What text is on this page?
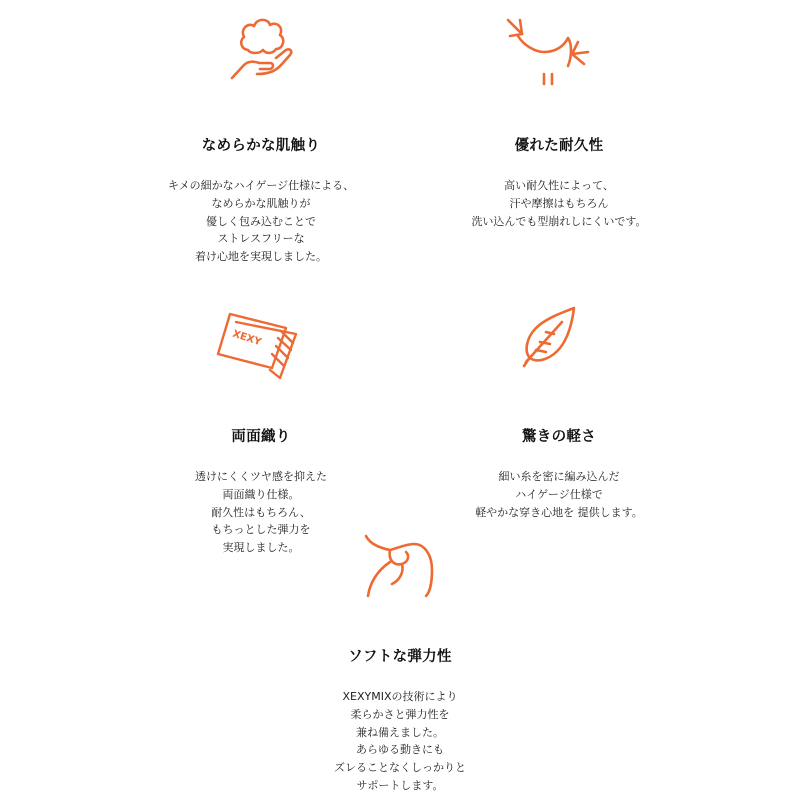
XEXY
なめらかな肌触り
キメの細かなハイゲージ仕様による、
なめらかな肌触りが
優しく包み込むことで
ストレスフリーな
着け心地を実現しました。
優れた耐久性
高い耐久性によって、
汗や摩擦はもちろん
洗い込んでも型崩れしにくいです。
両面織り
透けにくくツヤ感を抑えた
両面織り仕様。
耐久性はもちろん、
もちっとした弾力を
実現しました。
驚きの軽さ
細い糸を密に編み込んだ
ハイゲージ仕様で
軽やかな穿き心地を 提供します。
ソフトな弾力性
XEXYMIXの技術により
柔らかさと弾力性を
兼ね備えました。
あらゆる動きにも
ズレることなくしっかりと
サポートします。
